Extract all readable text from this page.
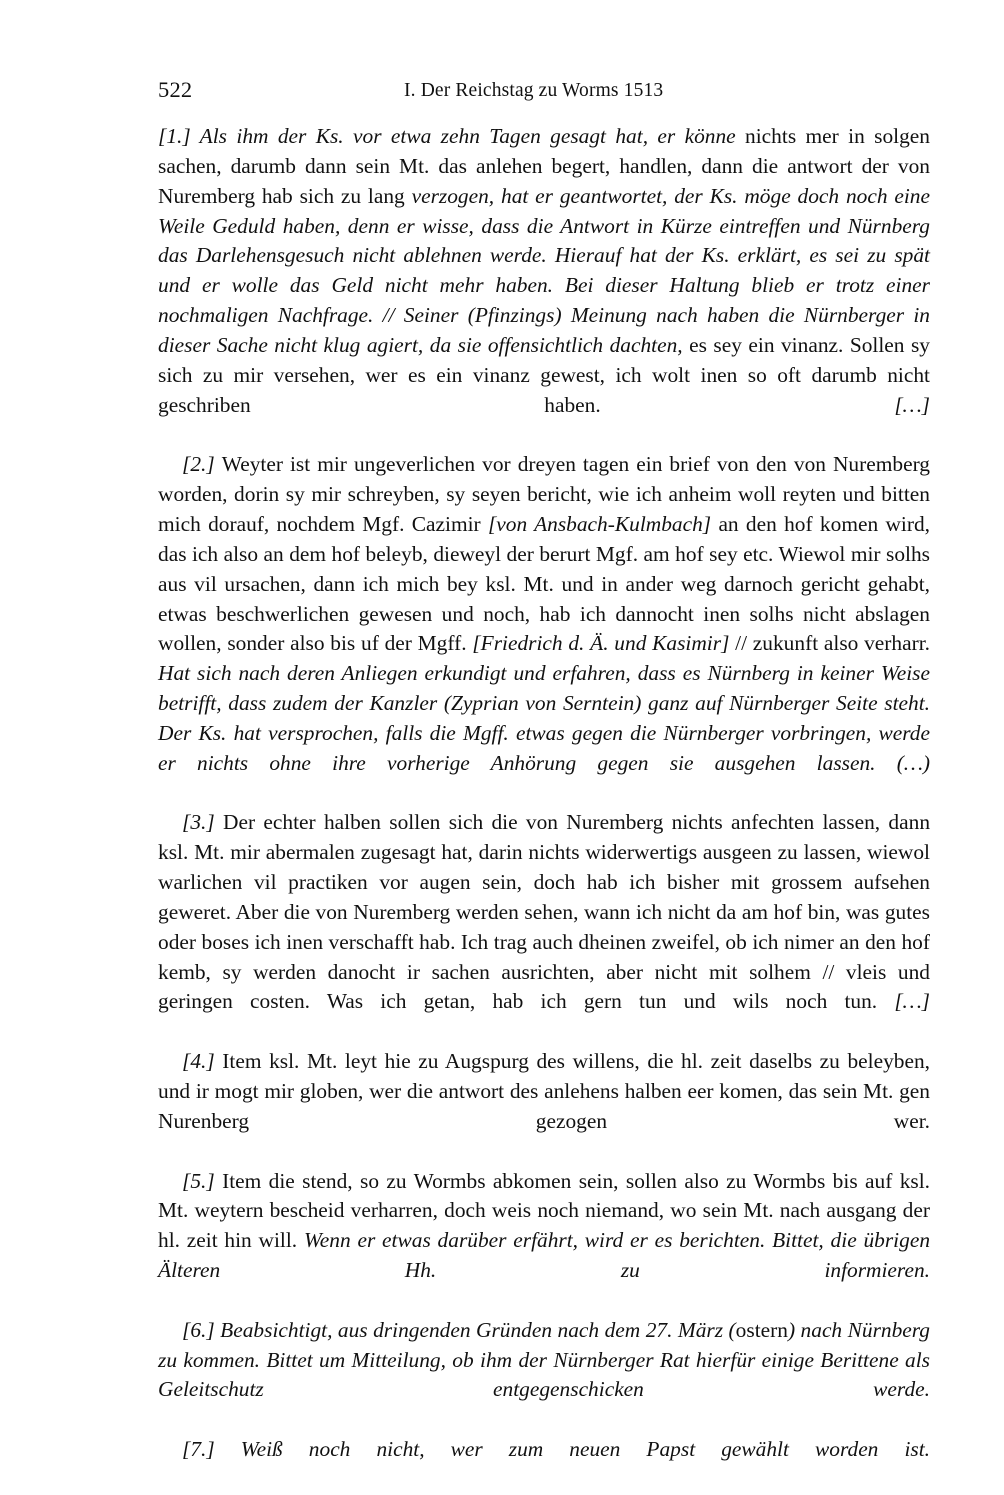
522	I. Der Reichstag zu Worms 1513

[1.] Als ihm der Ks. vor etwa zehn Tagen gesagt hat, er könne nichts mer in solgen sachen, darumb dann sein Mt. das anlehen begert, handlen, dann die antwort der von Nuremberg hab sich zu lang verzogen, hat er geantwortet, der Ks. möge doch noch eine Weile Geduld haben, denn er wisse, dass die Antwort in Kürze eintreffen und Nürnberg das Darlehensgesuch nicht ablehnen werde. Hierauf hat der Ks. erklärt, es sei zu spät und er wolle das Geld nicht mehr haben. Bei dieser Haltung blieb er trotz einer nochmaligen Nachfrage. // Seiner (Pfinzings) Meinung nach haben die Nürnberger in dieser Sache nicht klug agiert, da sie offensichtlich dachten, es sey ein vinanz. Sollen sy sich zu mir versehen, wer es ein vinanz gewest, ich wolt inen so oft darumb nicht geschriben haben. […]

[2.] Weyter ist mir ungeverlichen vor dreyen tagen ein brief von den von Nuremberg worden, dorin sy mir schreyben, sy seyen bericht, wie ich anheim woll reyten und bitten mich dorauf, nochdem Mgf. Cazimir [von Ansbach-Kulmbach] an den hof komen wird, das ich also an dem hof beleyb, dieweyl der berurt Mgf. am hof sey etc. Wiewol mir solhs aus vil ursachen, dann ich mich bey ksl. Mt. und in ander weg darnoch gericht gehabt, etwas beschwerlichen gewesen und noch, hab ich dannocht inen solhs nicht abslagen wollen, sonder also bis uf der Mgff. [Friedrich d. Ä. und Kasimir] // zukunft also verharr. Hat sich nach deren Anliegen erkundigt und erfahren, dass es Nürnberg in keiner Weise betrifft, dass zudem der Kanzler (Zyprian von Serntein) ganz auf Nürnberger Seite steht. Der Ks. hat versprochen, falls die Mgff. etwas gegen die Nürnberger vorbringen, werde er nichts ohne ihre vorherige Anhörung gegen sie ausgehen lassen. (…)

[3.] Der echter halben sollen sich die von Nuremberg nichts anfechten lassen, dann ksl. Mt. mir abermalen zugesagt hat, darin nichts widerwertigs ausgeen zu lassen, wiewol warlichen vil practiken vor augen sein, doch hab ich bisher mit grossem aufsehen geweret. Aber die von Nuremberg werden sehen, wann ich nicht da am hof bin, was gutes oder boses ich inen verschafft hab. Ich trag auch dheinen zweifel, ob ich nimer an den hof kemb, sy werden danocht ir sachen ausrichten, aber nicht mit solhem // vleis und geringen costen. Was ich getan, hab ich gern tun und wils noch tun. […]

[4.] Item ksl. Mt. leyt hie zu Augspurg des willens, die hl. zeit daselbs zu beleyben, und ir mogt mir globen, wer die antwort des anlehens halben eer komen, das sein Mt. gen Nurenberg gezogen wer.

[5.] Item die stend, so zu Wormbs abkomen sein, sollen also zu Wormbs bis auf ksl. Mt. weytern bescheid verharren, doch weis noch niemand, wo sein Mt. nach ausgang der hl. zeit hin will. Wenn er etwas darüber erfährt, wird er es berichten. Bittet, die übrigen Älteren Hh. zu informieren.

[6.] Beabsichtigt, aus dringenden Gründen nach dem 27. März (ostern) nach Nürnberg zu kommen. Bittet um Mitteilung, ob ihm der Nürnberger Rat hierfür einige Berittene als Geleitschutz entgegenschicken werde.

[7.] Weiß noch nicht, wer zum neuen Papst gewählt worden ist.
